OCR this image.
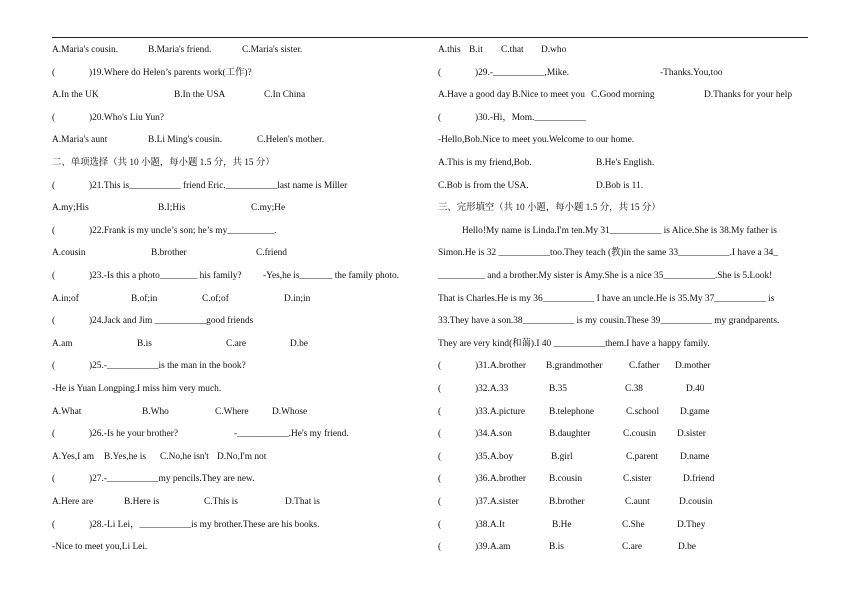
A.Maria's cousin.	B.Maria's friend.	C.Maria's sister.
(	)19.Where do Helen’s parents work(工作)?
A.In the UK	B.In the USA	C.In China
(	)20.Who's Liu Yun?
A.Maria's aunt	B.Li Ming's cousin.	C.Helen's mother.
二、单项选择（共 10 小题，每小题 1.5 分，共 15 分）
(	)21.This is___________ friend Eric.___________last name is Miller
A.my;His	B.I;His	C.my;He
(	)22.Frank is my uncle’s son; he’s my__________.
A.cousin	B.brother	C.friend
(	)23.-Is this a photo________ his family? -Yes,he is_______ the family photo.
A.in;of	B.of;in	C.of;of	D.in;in
(	)24.Jack and Jim ___________good friends
A.am	B.is	C.are	D.be
(	)25.-___________is the man in the book?
-He is Yuan Longping.I miss him very much.
A.What	B.Who	C.Where D.Whose
(	)26.-Is he your brother?	-___________.He's my friend.
A.Yes,I am B.Yes,he is C.No,he isn't D.No,I'm not
(	)27.-___________my pencils.They are new.
A.Here are	B.Here is	C.This is	D.That is
(	)28.-Li Lei，___________is my brother.These are his books.
-Nice to meet you,Li Lei.
A.this B.it C.that D.who
(	)29.-___________,Mike.	-Thanks.You,too
A.Have a good day B.Nice to meet you C.Good morning	D.Thanks for your help
(	)30.-Hi，Mom.___________
-Hello,Bob.Nice to meet you.Welcome to our home.
A.This is my friend,Bob.	B.He's English.
C.Bob is from the USA.	D.Bob is 11.
三、完形填空（共 10 小题，每小题 1.5 分，共 15 分）
Hello!My name is Linda.I'm ten.My 31___________ is Alice.She is 38.My father is
Simon.He is 32 ___________too.They teach (教)in the same 33___________.I have a 34_
__________ and a brother.My sister is Amy.She is a nice 35___________.She is 5.Look!
That is Charles.He is my 36___________ I have an uncle.He is 35.My 37___________ is
33.They have a son.38___________ is my cousin.These 39___________ my grandparents.
They are very kind(和蔼).I 40 ___________them.I have a happy family.
(	)31.A.brother B.grandmother	C.father D.mother
(	)32.A.33	B.35	C.38	D.40
(	)33.A.picture	B.telephone	C.school D.game
(	)34.A.son	B.daughter	C.cousin D.sister
(	)35.A.boy	B.girl	C.parent D.name
(	)36.A.brother B.cousin	C.sister	D.friend
(	)37.A.sister	B.brother	C.aunt	D.cousin
(	)38.A.It	B.He	C.She	D.They
(	)39.A.am	B.is	C.are	D.be
